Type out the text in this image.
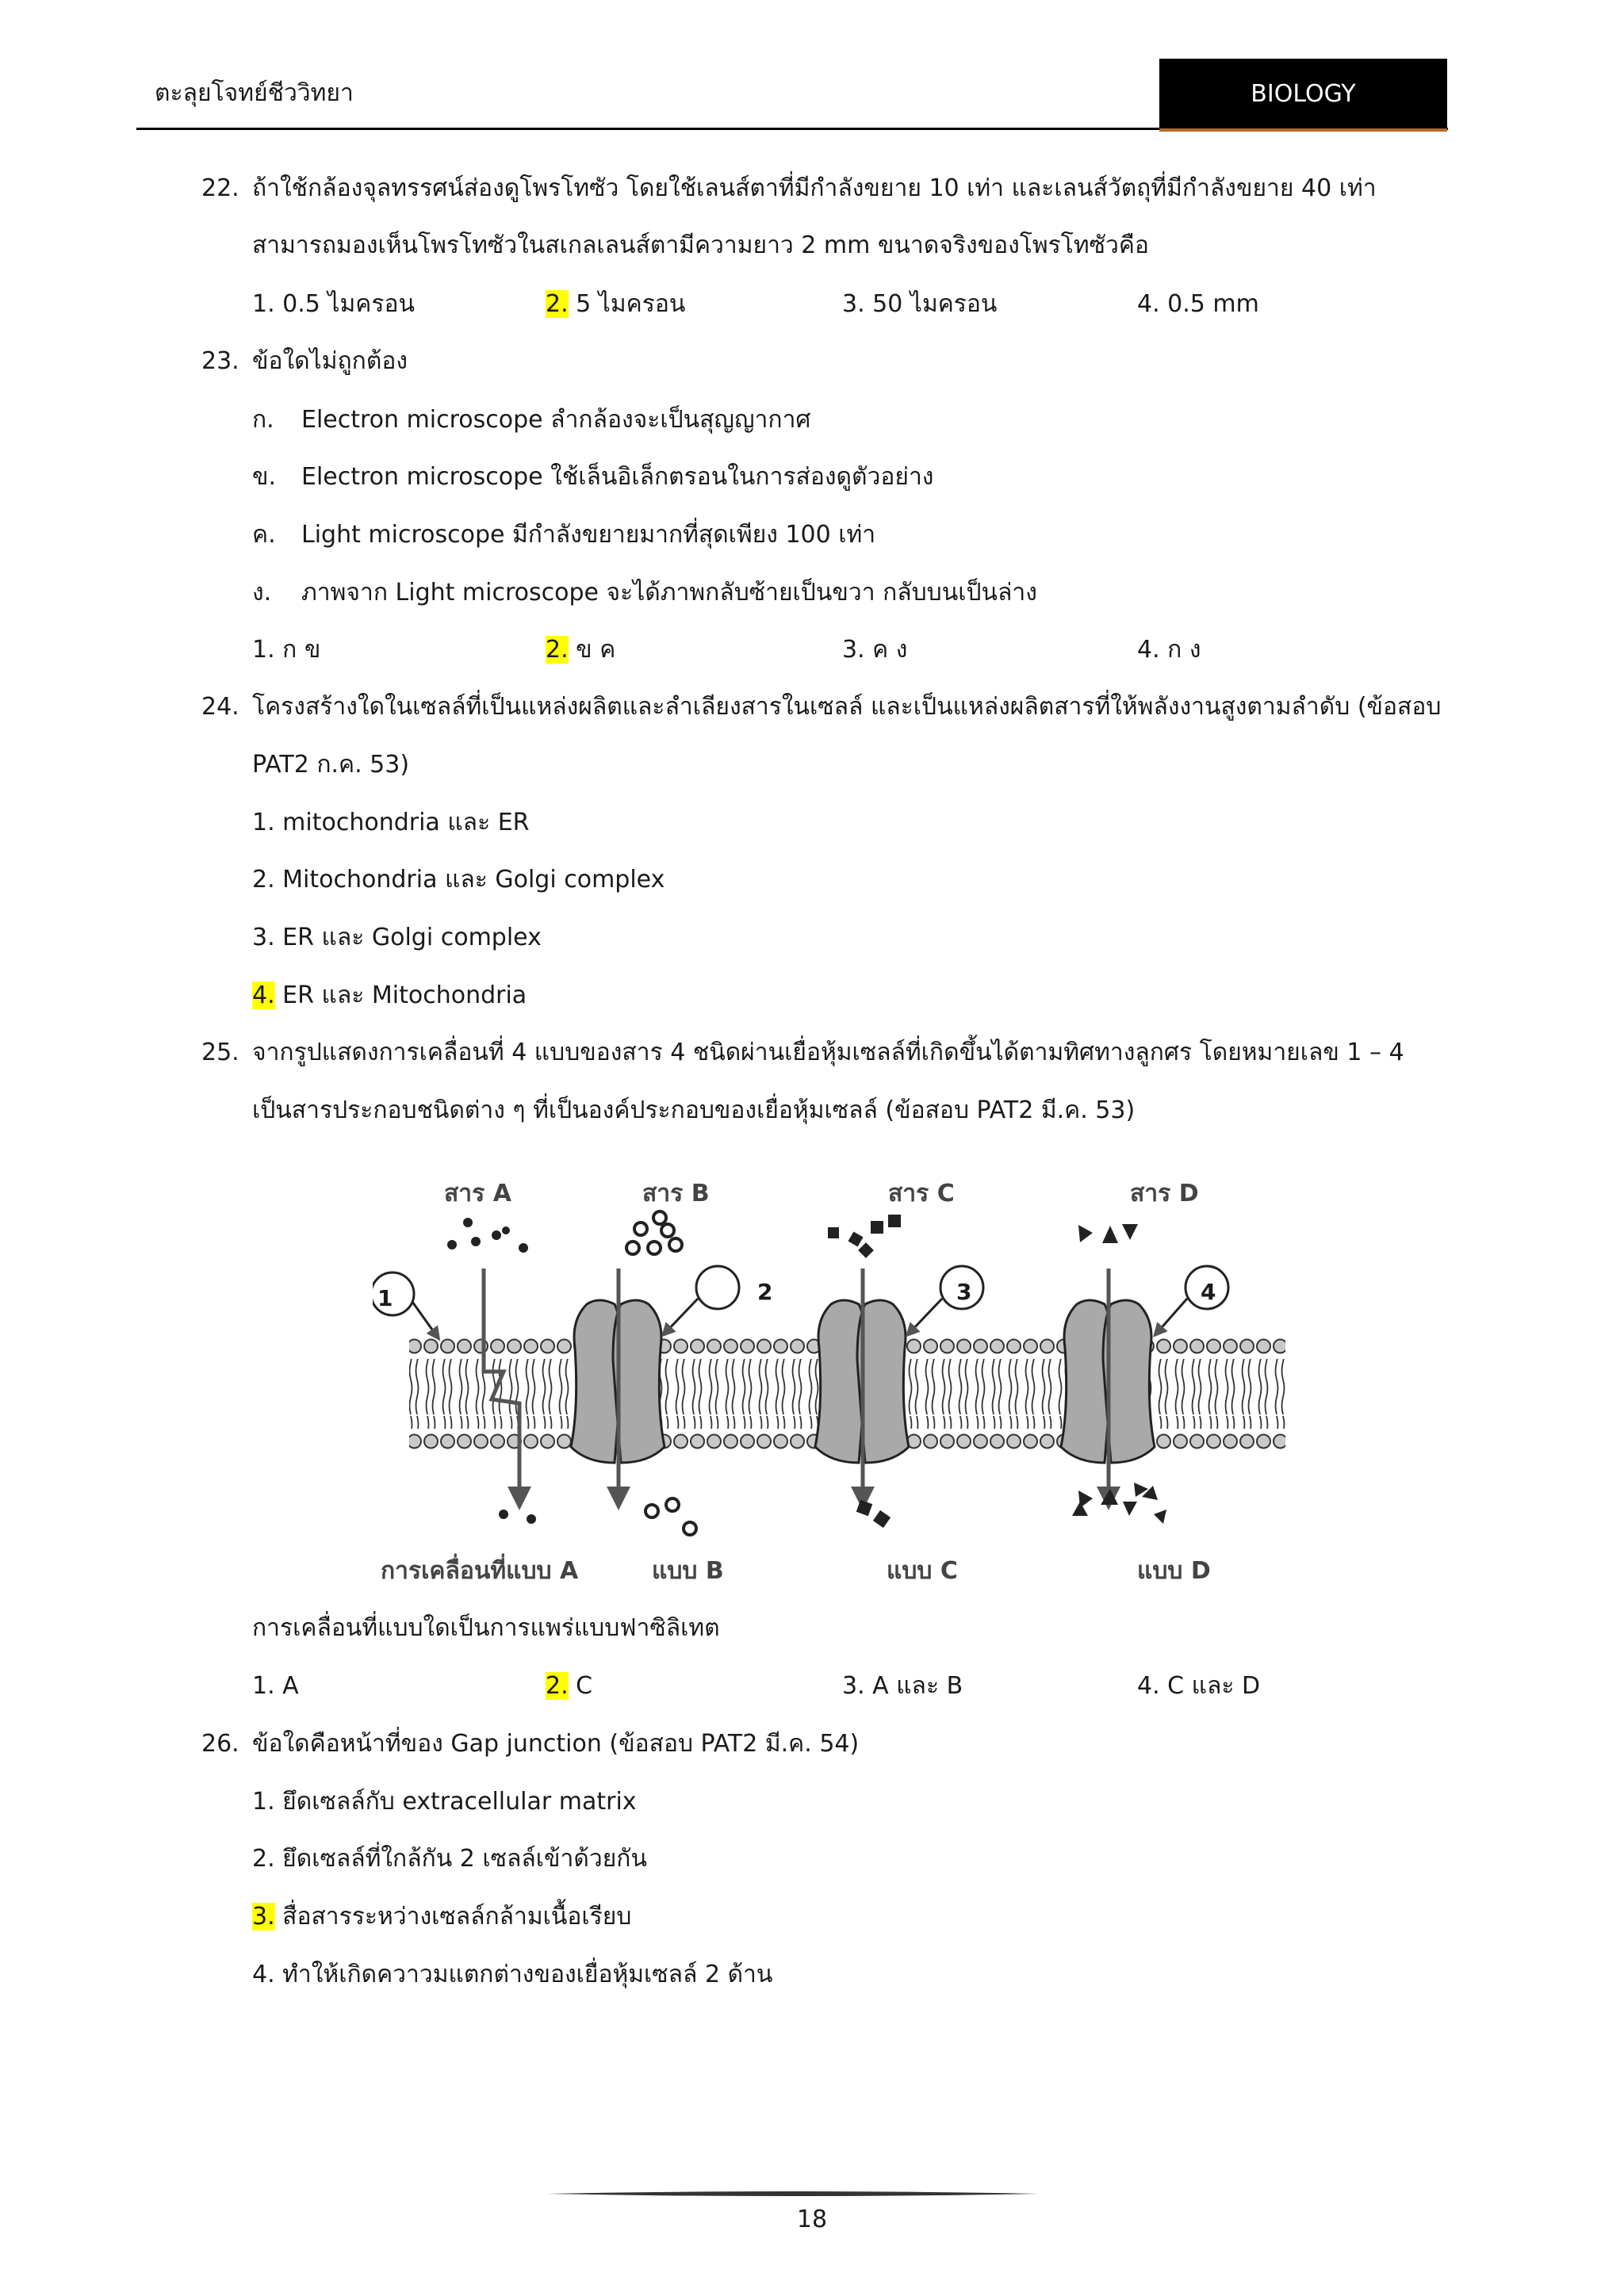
ตะลุยโจทย์ชีววิทยา	BIOLOGY
22. ถ้าใช้กล้องจุลทรรศน์ส่องดูโพรโทซัว โดยใช้เลนส์ตาที่มีกำลังขยาย 10 เท่า และเลนส์วัตถุที่มีกำลังขยาย 40 เท่า
สามารถมองเห็นโพรโทซัวในสเกลเลนส์ตามีความยาว 2 mm ขนาดจริงของโพรโทซัวคือ
1. 0.5 ไมครอน	2. 5 ไมครอน	3. 50 ไมครอน	4. 0.5 mm
23. ข้อใดไม่ถูกต้อง
ก. Electron microscope ลำกล้องจะเป็นสุญญากาศ
ข. Electron microscope ใช้เล็นอิเล็กตรอนในการส่องดูตัวอย่าง
ค. Light microscope มีกำลังขยายมากที่สุดเพียง 100 เท่า
ง. ภาพจาก Light microscope จะได้ภาพกลับซ้ายเป็นขวา กลับบนเป็นล่าง
1. ก ข	2. ข ค	3. ค ง	4. ก ง
24. โครงสร้างใดในเซลล์ที่เป็นแหล่งผลิตและลำเลียงสารในเซลล์ และเป็นแหล่งผลิตสารที่ให้พลังงานสูงตามลำดับ (ข้อสอบ
PAT2 ก.ค. 53)
1. mitochondria และ ER
2. Mitochondria และ Golgi complex
3. ER และ Golgi complex
4. ER และ Mitochondria
25. จากรูปแสดงการเคลื่อนที่ 4 แบบของสาร 4 ชนิดผ่านเยื่อหุ้มเซลล์ที่เกิดขึ้นได้ตามทิศทางลูกศร โดยหมายเลข 1 – 4
เป็นสารประกอบชนิดต่าง ๆ ที่เป็นองค์ประกอบของเยื่อหุ้มเซลล์ (ข้อสอบ PAT2 มี.ค. 53)
สาร A	สาร B	สาร C	สาร D
1	2	3	4
การเคลื่อนที่แบบ A	แบบ B	แบบ C	แบบ D
การเคลื่อนที่แบบใดเป็นการแพร่แบบฟาซิลิเทต
1. A	2. C	3. A และ B	4. C และ D
26. ข้อใดคือหน้าที่ของ Gap junction (ข้อสอบ PAT2 มี.ค. 54)
1. ยึดเซลล์กับ extracellular matrix
2. ยึดเซลล์ที่ใกล้กัน 2 เซลล์เข้าด้วยกัน
3. สื่อสารระหว่างเซลล์กล้ามเนื้อเรียบ
4. ทำให้เกิดควาวมแตกต่างของเยื่อหุ้มเซลล์ 2 ด้าน
18
